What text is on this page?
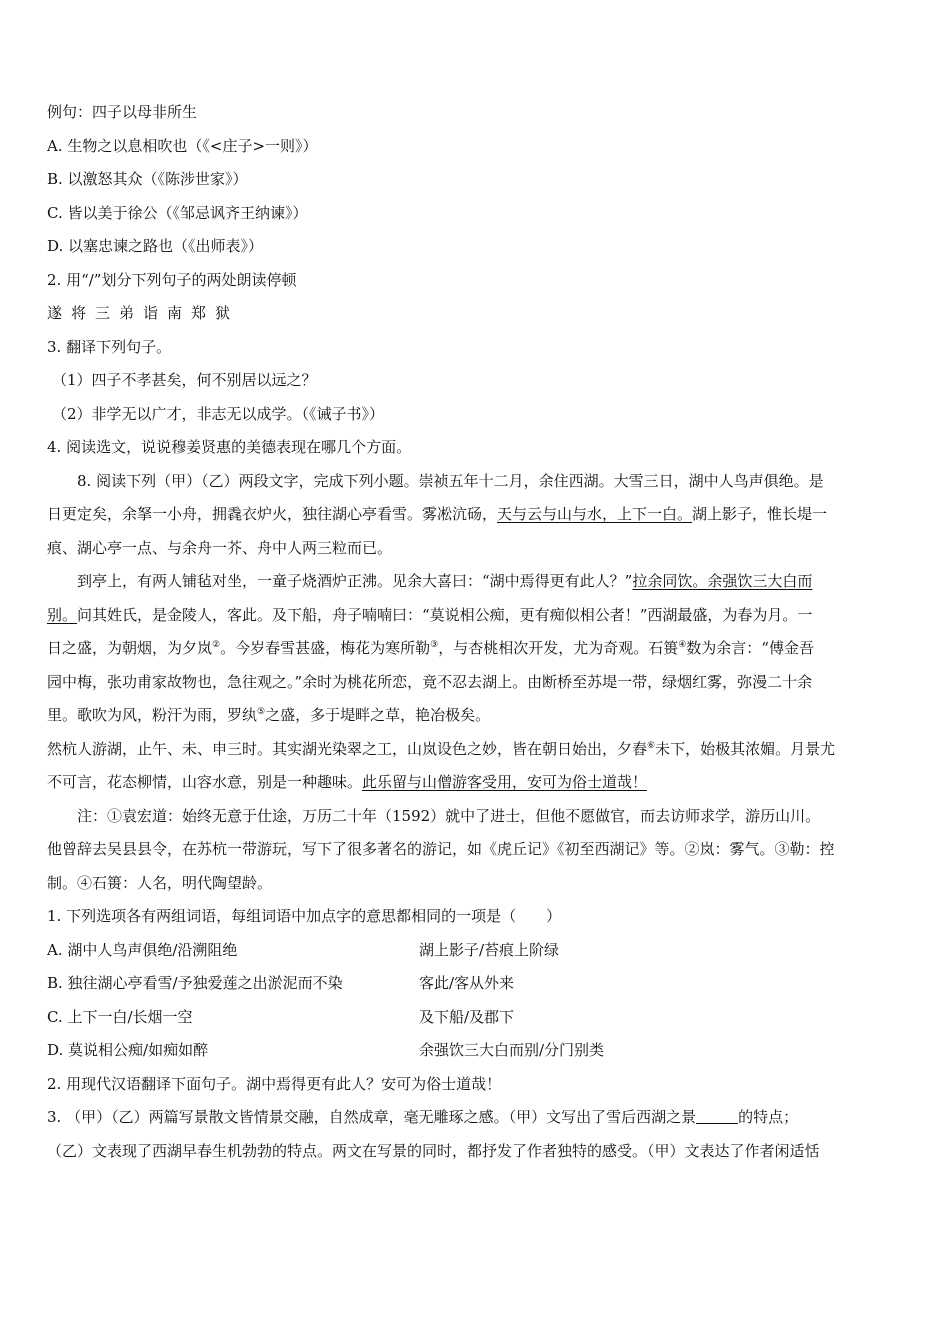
例句：四子以母非所生
A. 生物之以息相吹也（《<庄子>一则》）
B. 以激怒其众（《陈涉世家》）
C. 皆以美于徐公（《邹忌讽齐王纳谏》）
D. 以塞忠谏之路也（《出师表》）
2. 用“/”划分下列句子的两处朗读停顿
遂将三弟诣南郑狱
3. 翻译下列句子。
（1）四子不孝甚矣，何不别居以远之？
（2）非学无以广才，非志无以成学。（《诫子书》）
4. 阅读选文，说说穆姜贤惠的美德表现在哪几个方面。
8. 阅读下列（甲）（乙）两段文字，完成下列小题。崇祯五年十二月，余住西湖。大雪三日，湖中人鸟声俱绝。是
日更定矣，余拏一小舟，拥毳衣炉火，独往湖心亭看雪。雾凇沆砀，天与云与山与水，上下一白。湖上影子，惟长堤一
痕、湖心亭一点、与余舟一芥、舟中人两三粒而已。
到亭上，有两人铺毡对坐，一童子烧酒炉正沸。见余大喜曰：“湖中焉得更有此人？”拉余同饮。余强饮三大白而
别。问其姓氏，是金陵人，客此。及下船，舟子喃喃曰：“莫说相公痴，更有痴似相公者！”西湖最盛，为春为月。一
日之盛，为朝烟，为夕岚②。今岁春雪甚盛，梅花为寒所勒③，与杏桃相次开发，尤为奇观。石篑④数为余言：“傅金吾
园中梅，张功甫家故物也，急往观之。”余时为桃花所恋，竟不忍去湖上。由断桥至苏堤一带，绿烟红雾，弥漫二十余
里。歌吹为风，粉汗为雨，罗纨⑤之盛，多于堤畔之草，艳冶极矣。
然杭人游湖，止午、未、申三时。其实湖光染翠之工，山岚设色之妙，皆在朝日始出，夕舂⑥未下，始极其浓媚。月景尤
不可言，花态柳情，山容水意，别是一种趣味。此乐留与山僧游客受用，安可为俗士道哉！
注：①袁宏道：始终无意于仕途，万历二十年（1592）就中了进士，但他不愿做官，而去访师求学，游历山川。
他曾辞去吴县县令，在苏杭一带游玩，写下了很多著名的游记，如《虎丘记》《初至西湖记》等。②岚：雾气。③勒：控
制。④石篑：人名，明代陶望龄。
1. 下列选项各有两组词语，每组词语中加点字的意思都相同的一项是（　　）
A. 湖中人鸟声俱绝/沿溯阻绝	湖上影子/苔痕上阶绿
B. 独往湖心亭看雪/予独爱莲之出淤泥而不染	客此/客从外来
C. 上下一白/长烟一空	及下船/及郡下
D. 莫说相公痴/如痴如醉	余强饮三大白而别/分门别类
2. 用现代汉语翻译下面句子。湖中焉得更有此人？安可为俗士道哉！
3. （甲）（乙）两篇写景散文皆情景交融，自然成章，毫无雕琢之感。（甲）文写出了雪后西湖之景	的特点；
（乙）文表现了西湖早春生机勃勃的特点。两文在写景的同时，都抒发了作者独特的感受。（甲）文表达了作者闲适恬
